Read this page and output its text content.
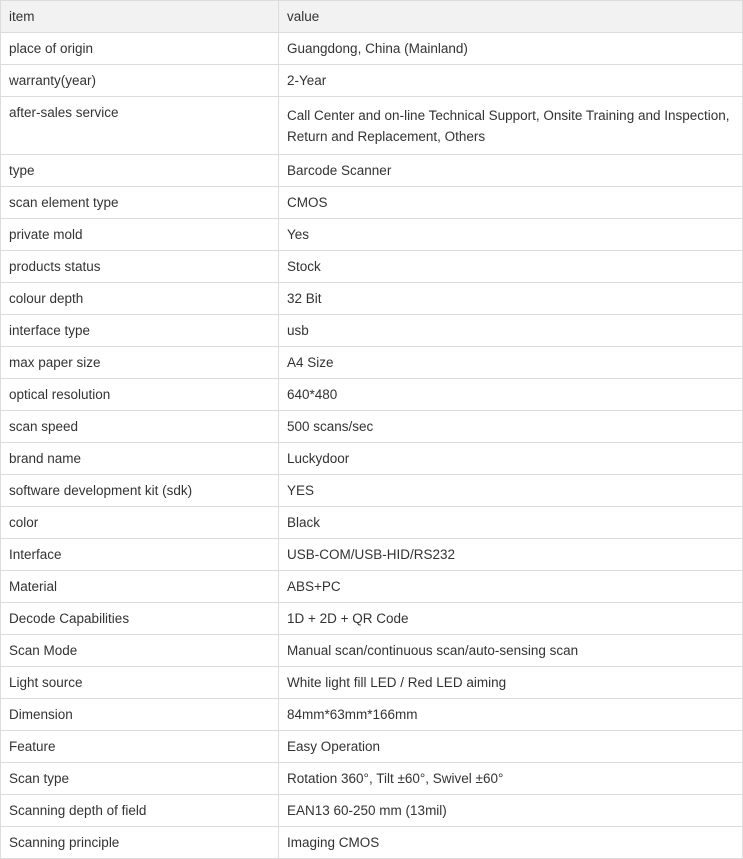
item	value
place of origin	Guangdong, China (Mainland)
warranty(year)	2-Year
after-sales service	Call Center and on-line Technical Support, Onsite Training and Inspection, Return and Replacement, Others
type	Barcode Scanner
scan element type	CMOS
private mold	Yes
products status	Stock
colour depth	32 Bit
interface type	usb
max paper size	A4 Size
optical resolution	640*480
scan speed	500 scans/sec
brand name	Luckydoor
software development kit (sdk)	YES
color	Black
Interface	USB-COM/USB-HID/RS232
Material	ABS+PC
Decode Capabilities	1D + 2D + QR Code
Scan Mode	Manual scan/continuous scan/auto-sensing scan
Light source	White light fill LED / Red LED aiming
Dimension	84mm*63mm*166mm
Feature	Easy Operation
Scan type	Rotation 360°, Tilt ±60°, Swivel ±60°
Scanning depth of field	EAN13 60-250 mm (13mil)
Scanning principle	Imaging CMOS
